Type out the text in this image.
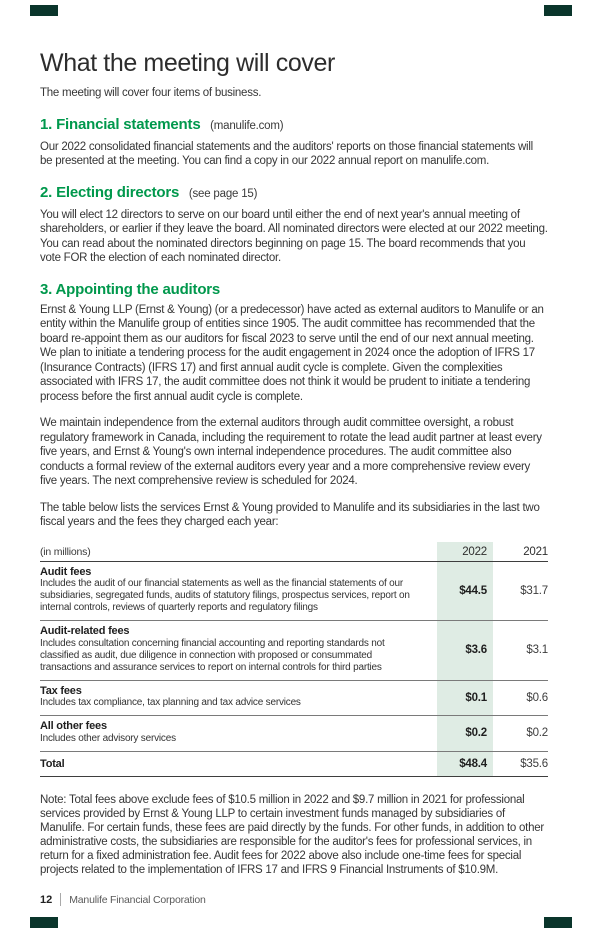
What the meeting will cover

The meeting will cover four items of business.

1. Financial statements (manulife.com)

Our 2022 consolidated financial statements and the auditors' reports on those financial statements will be presented at the meeting. You can find a copy in our 2022 annual report on manulife.com.

2. Electing directors (see page 15)

You will elect 12 directors to serve on our board until either the end of next year's annual meeting of shareholders, or earlier if they leave the board. All nominated directors were elected at our 2022 meeting. You can read about the nominated directors beginning on page 15. The board recommends that you vote FOR the election of each nominated director.

3. Appointing the auditors

Ernst & Young LLP (Ernst & Young) (or a predecessor) have acted as external auditors to Manulife or an entity within the Manulife group of entities since 1905. The audit committee has recommended that the board re-appoint them as our auditors for fiscal 2023 to serve until the end of our next annual meeting. We plan to initiate a tendering process for the audit engagement in 2024 once the adoption of IFRS 17 (Insurance Contracts) (IFRS 17) and first annual audit cycle is complete. Given the complexities associated with IFRS 17, the audit committee does not think it would be prudent to initiate a tendering process before the first annual audit cycle is complete.

We maintain independence from the external auditors through audit committee oversight, a robust regulatory framework in Canada, including the requirement to rotate the lead audit partner at least every five years, and Ernst & Young's own internal independence procedures. The audit committee also conducts a formal review of the external auditors every year and a more comprehensive review every five years. The next comprehensive review is scheduled for 2024.

The table below lists the services Ernst & Young provided to Manulife and its subsidiaries in the last two fiscal years and the fees they charged each year:

(in millions)	2022	2021
Audit fees
Includes the audit of our financial statements as well as the financial statements of our subsidiaries, segregated funds, audits of statutory filings, prospectus services, report on internal controls, reviews of quarterly reports and regulatory filings
$44.5	$31.7
Audit-related fees
Includes consultation concerning financial accounting and reporting standards not classified as audit, due diligence in connection with proposed or consummated transactions and assurance services to report on internal controls for third parties
$3.6	$3.1
Tax fees
Includes tax compliance, tax planning and tax advice services	$0.1	$0.6
All other fees
Includes other advisory services	$0.2	$0.2
Total	$48.4	$35.6

Note: Total fees above exclude fees of $10.5 million in 2022 and $9.7 million in 2021 for professional services provided by Ernst & Young LLP to certain investment funds managed by subsidiaries of Manulife. For certain funds, these fees are paid directly by the funds. For other funds, in addition to other administrative costs, the subsidiaries are responsible for the auditor's fees for professional services, in return for a fixed administration fee. Audit fees for 2022 above also include one-time fees for special projects related to the implementation of IFRS 17 and IFRS 9 Financial Instruments of $10.9M.

12 Manulife Financial Corporation
